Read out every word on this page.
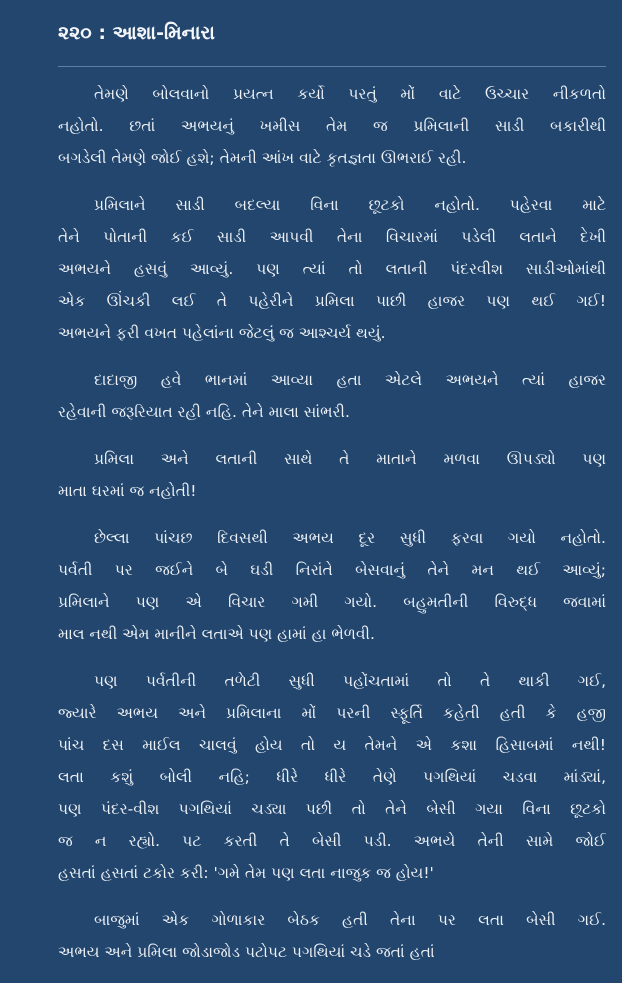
૨૨૦ : આશા-મિનારા
તેમણે બોલવાનો પ્રયત્ન કર્યો પરતું મોં વાટે ઉચ્ચાર નીકળતો
નહોતો. છતાં અભયનું ખમીસ તેમ જ પ્રમિલાની સાડી બકારીથી
બગડેલી તેમણે જોઈ હશે; તેમની આંખ વાટે કૃતજ્ઞતા ઊભરાઈ રહી.
પ્રમિલાને સાડી બદલ્યા વિના છૂટકો નહોતો. પહેરવા માટે
તેને પોતાની કઈ સાડી આપવી તેના વિચારમાં પડેલી લતાને દેખી
અભયને હસવું આવ્યું. પણ ત્યાં તો લતાની પંદરવીશ સાડીઓમાંથી
એક ઊંચકી લઈ તે પહેરીને પ્રમિલા પાછી હાજર પણ થઈ ગઈ!
અભયને ફરી વખત પહેલાંના જેટલું જ આશ્ચર્ય થયું.
દાદાજી હવે ભાનમાં આવ્યા હતા એટલે અભયને ત્યાં હાજર
રહેવાની જરૂરિયાત રહી નહિ. તેને માલા સાંભરી.
પ્રમિલા અને લતાની સાથે તે માતાને મળવા ઊપડ્યો પણ
માતા ઘરમાં જ નહોતી!
છેલ્લા પાંચછ દિવસથી અભય દૂર સુધી ફરવા ગયો નહોતો.
પર્વતી પર જઈને બે ઘડી નિરાંતે બેસવાનું તેને મન થઈ આવ્યું;
પ્રમિલાને પણ એ વિચાર ગમી ગયો. બહુમતીની વિરુદ્ધ જવામાં
માલ નથી એમ માનીને લતાએ પણ હામાં હા ભેળવી.
પણ પર્વતીની તળેટી સુધી પહોંચતામાં તો તે થાકી ગઈ,
જ્યારે અભય અને પ્રમિલાના મોં પરની સ્ફૂર્તિ કહેતી હતી કે હજી
પાંચ દસ માઈલ ચાલવું હોય તો ય તેમને એ કશા હિસાબમાં નથી!
લતા કશું બોલી નહિ; ધીરે ધીરે તેણે પગથિયાં ચડવા માંડ્યાં,
પણ પંદર-વીશ પગથિયાં ચડ્યા પછી તો તેને બેસી ગયા વિના છૂટકો
જ ન રહ્યો. પટ કરતી તે બેસી પડી. અભયે તેની સામે જોઈ
હસતાં હસતાં ટકોર કરી: 'ગમે તેમ પણ લતા નાજુક જ હોય!'
બાજુમાં એક ગોળાકાર બેઠક હતી તેના પર લતા બેસી ગઈ.
અભય અને પ્રમિલા જોડાજોડ પટોપટ પગથિયાં ચડે જતાં હતાં
